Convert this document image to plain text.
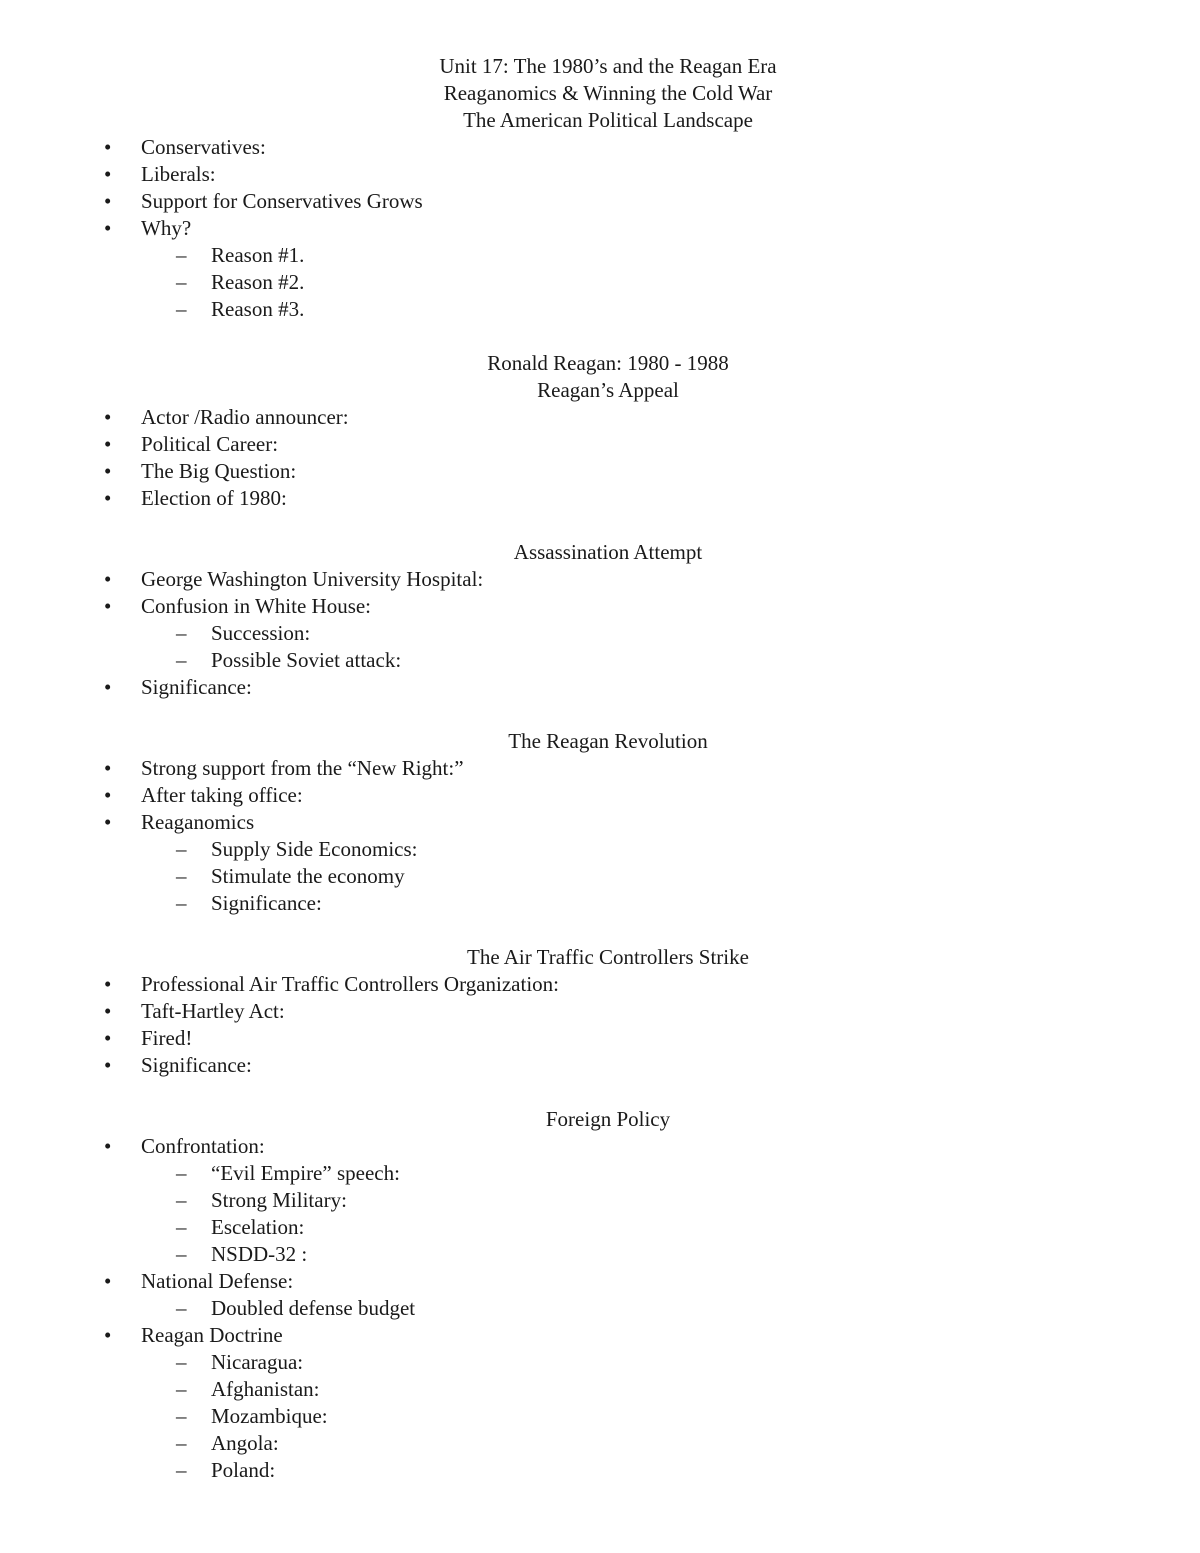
Unit 17: The 1980’s and the Reagan Era
Reaganomics & Winning the Cold War
The American Political Landscape
• Conservatives:
• Liberals:
• Support for Conservatives Grows
• Why?
– Reason #1.
– Reason #2.
– Reason #3.
Ronald Reagan: 1980 - 1988
Reagan’s Appeal
• Actor /Radio announcer:
• Political Career:
• The Big Question:
• Election of 1980:
Assassination Attempt
• George Washington University Hospital:
• Confusion in White House:
– Succession:
– Possible Soviet attack:
• Significance:
The Reagan Revolution
• Strong support from the “New Right:”
• After taking office:
• Reaganomics
– Supply Side Economics:
– Stimulate the economy
– Significance:
The Air Traffic Controllers Strike
• Professional Air Traffic Controllers Organization:
• Taft-Hartley Act:
• Fired!
• Significance:
Foreign Policy
• Confrontation:
– “Evil Empire” speech:
– Strong Military:
– Escelation:
– NSDD-32 :
• National Defense:
– Doubled defense budget
• Reagan Doctrine
– Nicaragua:
– Afghanistan:
– Mozambique:
– Angola:
– Poland:
